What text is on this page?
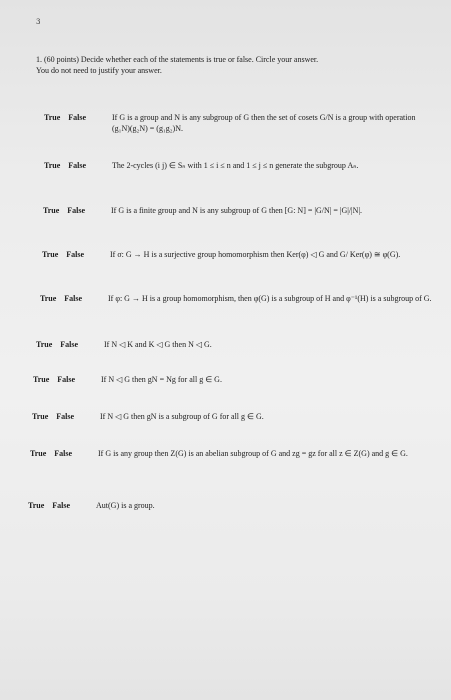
3
1. (60 points) Decide whether each of the statements is true or false. Circle your answer.
You do not need to justify your answer.
True False	If G is a group and N is any subgroup of G then the set of cosets G/N is a group with operation (g₁N)(g₂N) = (g₁g₂)N.
True False	The 2-cycles (i j) ∈ Sₙ with 1 ≤ i ≤ n and 1 ≤ j ≤ n generate the subgroup Aₙ.
True False	If G is a finite group and N is any subgroup of G then [G: N] = |G/N| = |G|/|N|.
True False	If σ: G → H is a surjective group homomorphism then Ker(φ) ◁ G and G/ Ker(φ) ≅ φ(G).
True False	If φ: G → H is a group homomorphism, then φ(G) is a subgroup of H and φ⁻¹(H) is a subgroup of G.
True False	If N ◁ K and K ◁ G then N ◁ G.
True False	If N ◁ G then gN = Ng for all g ∈ G.
True False	If N ◁ G then gN is a subgroup of G for all g ∈ G.
True False	If G is any group then Z(G) is an abelian subgroup of G and zg = gz for all z ∈ Z(G) and g ∈ G.
True False	Aut(G) is a group.
